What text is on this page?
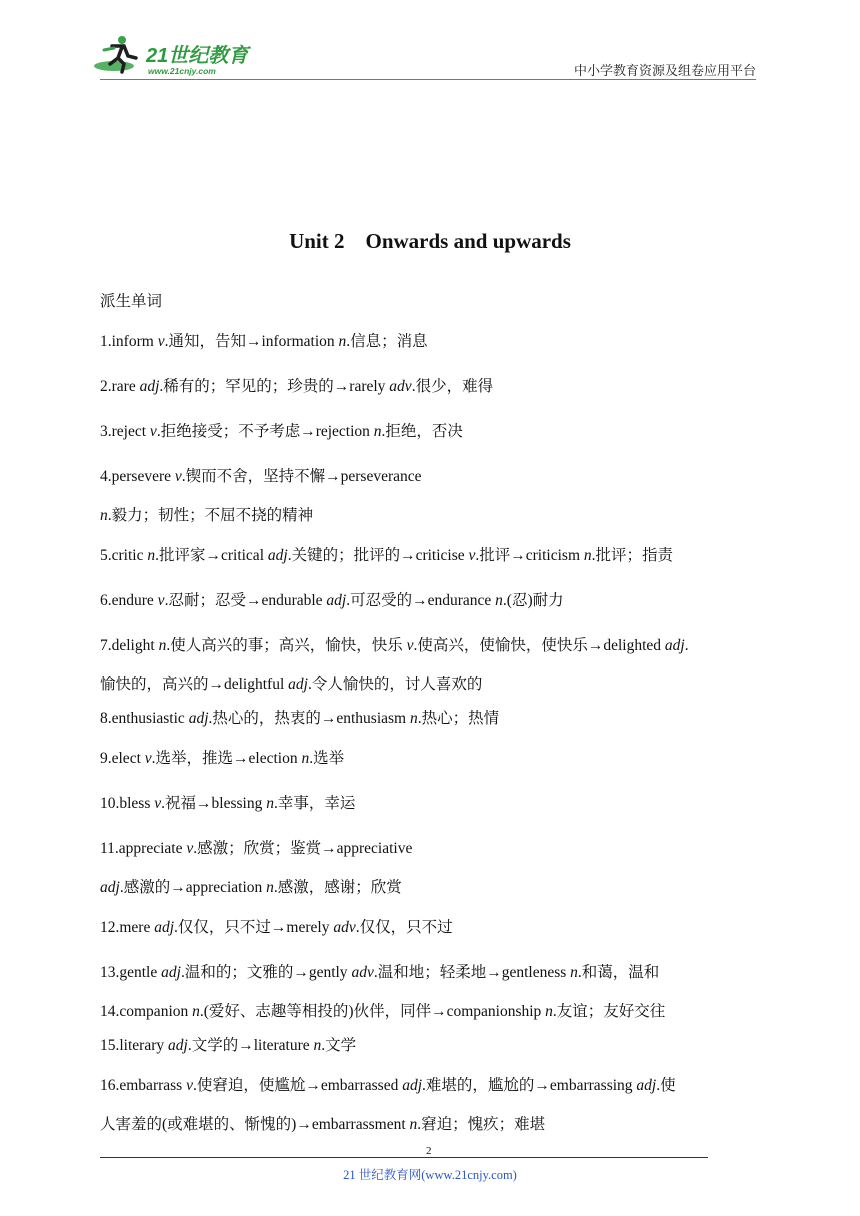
21世纪教育
www.21cnjy.com	中小学教育资源及组卷应用平台
Unit 2    Onwards and upwards
派生单词
1.inform v.通知，告知→information n.信息；消息
2.rare adj.稀有的；罕见的；珍贵的→rarely adv.很少，难得
3.reject v.拒绝接受；不予考虑→rejection n.拒绝，否决
4.persevere v.锲而不舍，坚持不懈→perseverance
n.毅力；韧性；不屈不挠的精神
5.critic n.批评家→critical adj.关键的；批评的→criticise v.批评→criticism n.批评；指责
6.endure v.忍耐；忍受→endurable adj.可忍受的→endurance n.(忍)耐力
7.delight n.使人高兴的事；高兴，愉快，快乐 v.使高兴，使愉快，使快乐→delighted adj.
愉快的，高兴的→delightful adj.令人愉快的，讨人喜欢的
8.enthusiastic adj.热心的，热衷的→enthusiasm n.热心；热情
9.elect v.选举，推选→election n.选举
10.bless v.祝福→blessing n.幸事，幸运
11.appreciate v.感激；欣赏；鉴赏→appreciative
adj.感激的→appreciation n.感激，感谢；欣赏
12.mere adj.仅仅，只不过→merely adv.仅仅，只不过
13.gentle adj.温和的；文雅的→gently adv.温和地；轻柔地→gentleness n.和蔼，温和
14.companion n.(爱好、志趣等相投的)伙伴，同伴→companionship n.友谊；友好交往
15.literary adj.文学的→literature n.文学
16.embarrass v.使窘迫，使尴尬→embarrassed adj.难堪的，尴尬的→embarrassing adj.使
人害羞的(或难堪的、惭愧的)→embarrassment n.窘迫；愧疚；难堪
2
21 世纪教育网(www.21cnjy.com)
